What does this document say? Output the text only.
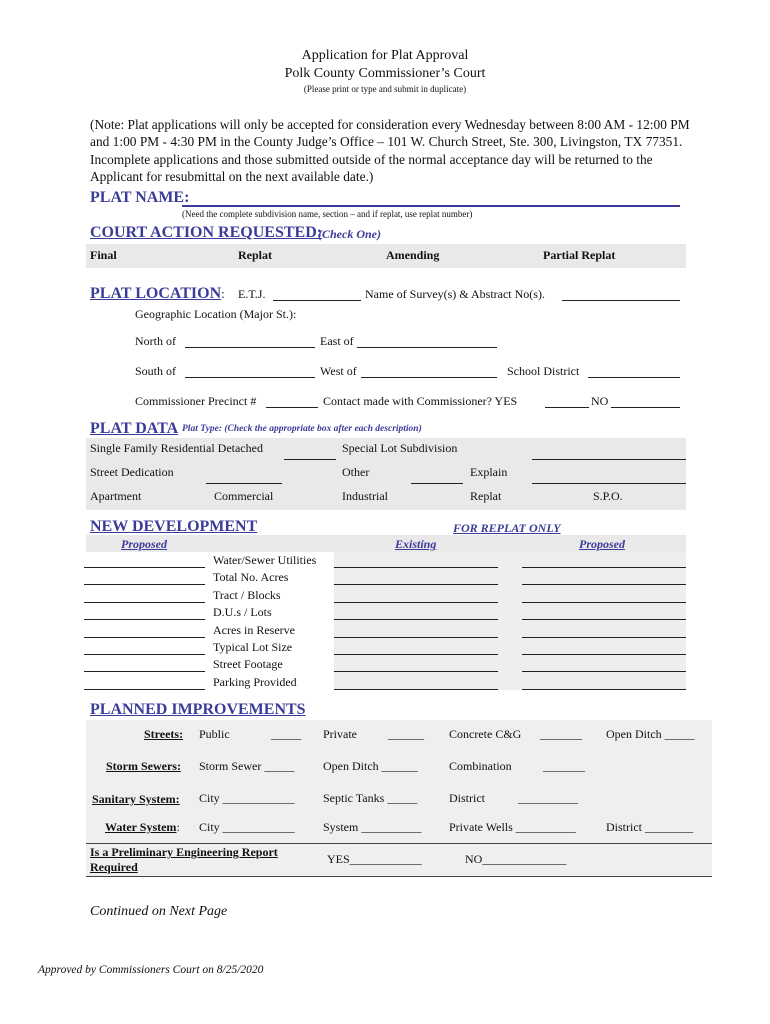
Application for Plat Approval
Polk County Commissioner’s Court
(Please print or type and submit in duplicate)
(Note: Plat applications will only be accepted for consideration every Wednesday between 8:00 AM - 12:00 PM and 1:00 PM - 4:30 PM in the County Judge’s Office – 101 W. Church Street, Ste. 300, Livingston, TX 77351. Incomplete applications and those submitted outside of the normal acceptance day will be returned to the Applicant for resubmittal on the next available date.)
PLAT NAME:
(Need the complete subdivision name, section – and if replat, use replat number)
COURT ACTION REQUESTED:
(Check One)
Final	Replat	Amending	Partial Replat
PLAT LOCATION: E.T.J.	Name of Survey(s) & Abstract No(s).
Geographic Location (Major St.):
North of	East of
South of	West of	School District
Commissioner Precinct #	Contact made with Commissioner? YES	NO
PLAT DATA Plat Type: (Check the appropriate box after each description)
Single Family Residential Detached	Special Lot Subdivision
Street Dedication	Other	Explain
Apartment	Commercial	Industrial	Replat	S.P.O.
NEW DEVELOPMENT	FOR REPLAT ONLY
Proposed	Existing	Proposed
Water/Sewer Utilities
Total No. Acres
Tract / Blocks
D.U.s / Lots
Acres in Reserve
Typical Lot Size
Street Footage
Parking Provided
PLANNED IMPROVEMENTS
Streets: Public	_____ Private	______ Concrete C&G _______ Open Ditch _____
Storm Sewers: Storm Sewer _____ Open Ditch ______	Combination	_______
Sanitary System: City ____________ Septic Tanks _____	District	__________
Water System: City ____________ System __________ Private Wells __________	District ________
Is a Preliminary Engineering Report
Required
YES____________	NO______________
Continued on Next Page
Approved by Commissioners Court on 8/25/2020
